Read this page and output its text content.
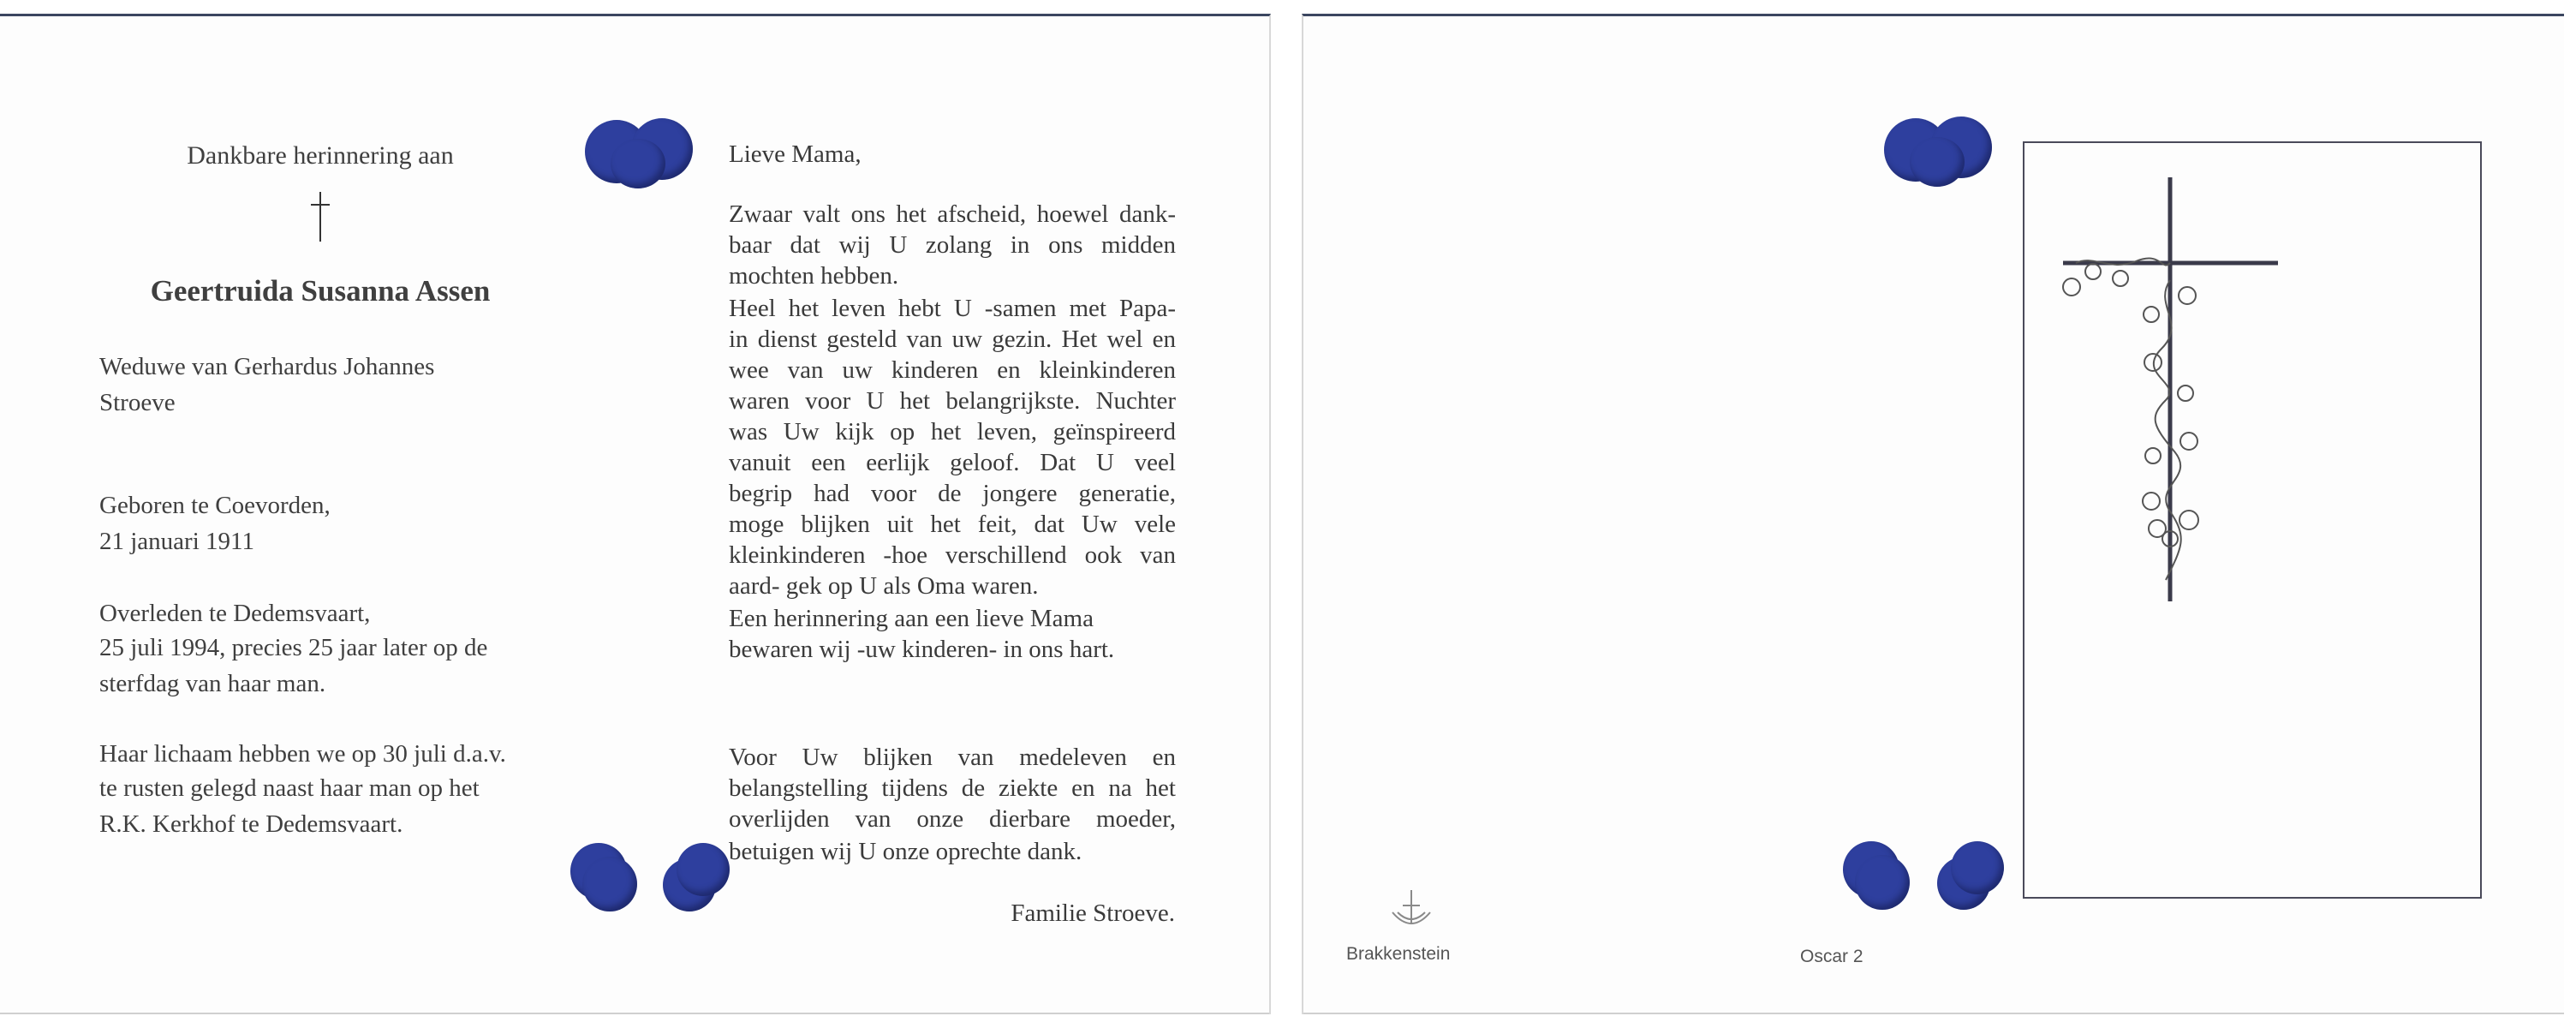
Dankbare herinnering aan
Geertruida Susanna Assen
Weduwe van Gerhardus Johannes
Stroeve
Geboren te Coevorden,
21 januari 1911
Overleden te Dedemsvaart,
25 juli 1994, precies 25 jaar later op de
sterfdag van haar man.
Haar lichaam hebben we op 30 juli d.a.v.
te rusten gelegd naast haar man op het
R.K. Kerkhof te Dedemsvaart.
Lieve Mama,
Zwaar valt ons het afscheid, hoewel dank-
baar dat wij U zolang in ons midden
mochten hebben.
Heel het leven hebt U -samen met Papa-
in dienst gesteld van uw gezin. Het wel en
wee van uw kinderen en kleinkinderen
waren voor U het belangrijkste. Nuchter
was Uw kijk op het leven, geïnspireerd
vanuit een eerlijk geloof. Dat U veel
begrip had voor de jongere generatie,
moge blijken uit het feit, dat Uw vele
kleinkinderen -hoe verschillend ook van
aard- gek op U als Oma waren.
Een herinnering aan een lieve Mama
bewaren wij -uw kinderen- in ons hart.
Voor Uw blijken van medeleven en
belangstelling tijdens de ziekte en na het
overlijden van onze dierbare moeder,
betuigen wij U onze oprechte dank.
Familie Stroeve.
Brakkenstein	Oscar 2
